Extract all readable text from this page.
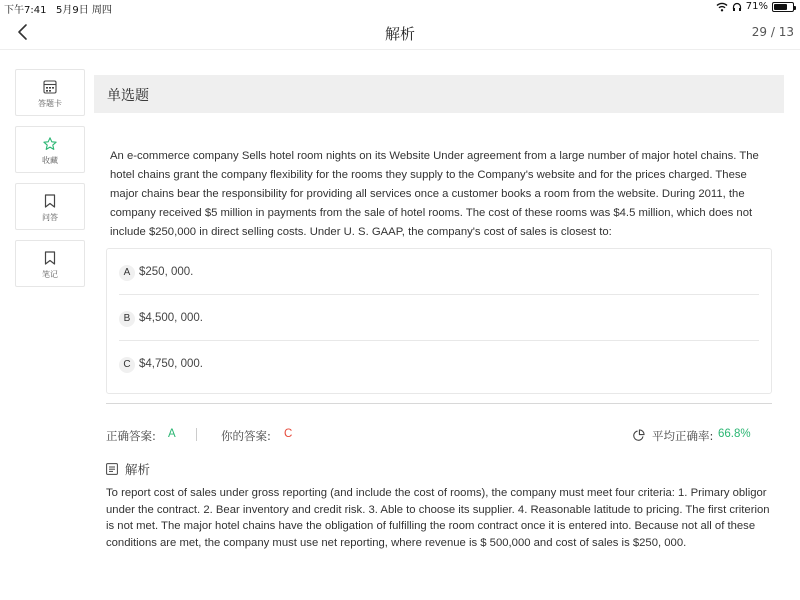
下午7:41 5月9日 周四	71%
解析	29 / 13
答题卡
收藏
问答
笔记
单选题
An e-commerce company Sells hotel room nights on its Website Under agreement from a large number of major hotel chains. The hotel chains grant the company flexibility for the rooms they supply to the Company's website and for the prices charged. These major chains bear the responsibility for providing all services once a customer books a room from the website. During 2011, the company received $5 million in payments from the sale of hotel rooms. The cost of these rooms was $4.5 million, which does not include $250,000 in direct selling costs. Under U. S. GAAP, the company's cost of sales is closest to:
A $250, 000.
B $4,500, 000.
C $4,750, 000.
正确答案: A	你的答案: C	平均正确率: 66.8%
解析
To report cost of sales under gross reporting (and include the cost of rooms), the company must meet four criteria: 1. Primary obligor under the contract. 2. Bear inventory and credit risk. 3. Able to choose its supplier. 4. Reasonable latitude to pricing. The first criterion is not met. The major hotel chains have the obligation of fulfilling the room contract once it is entered into. Because not all of these conditions are met, the company must use net reporting, where revenue is $ 500,000 and cost of sales is $250, 000.
